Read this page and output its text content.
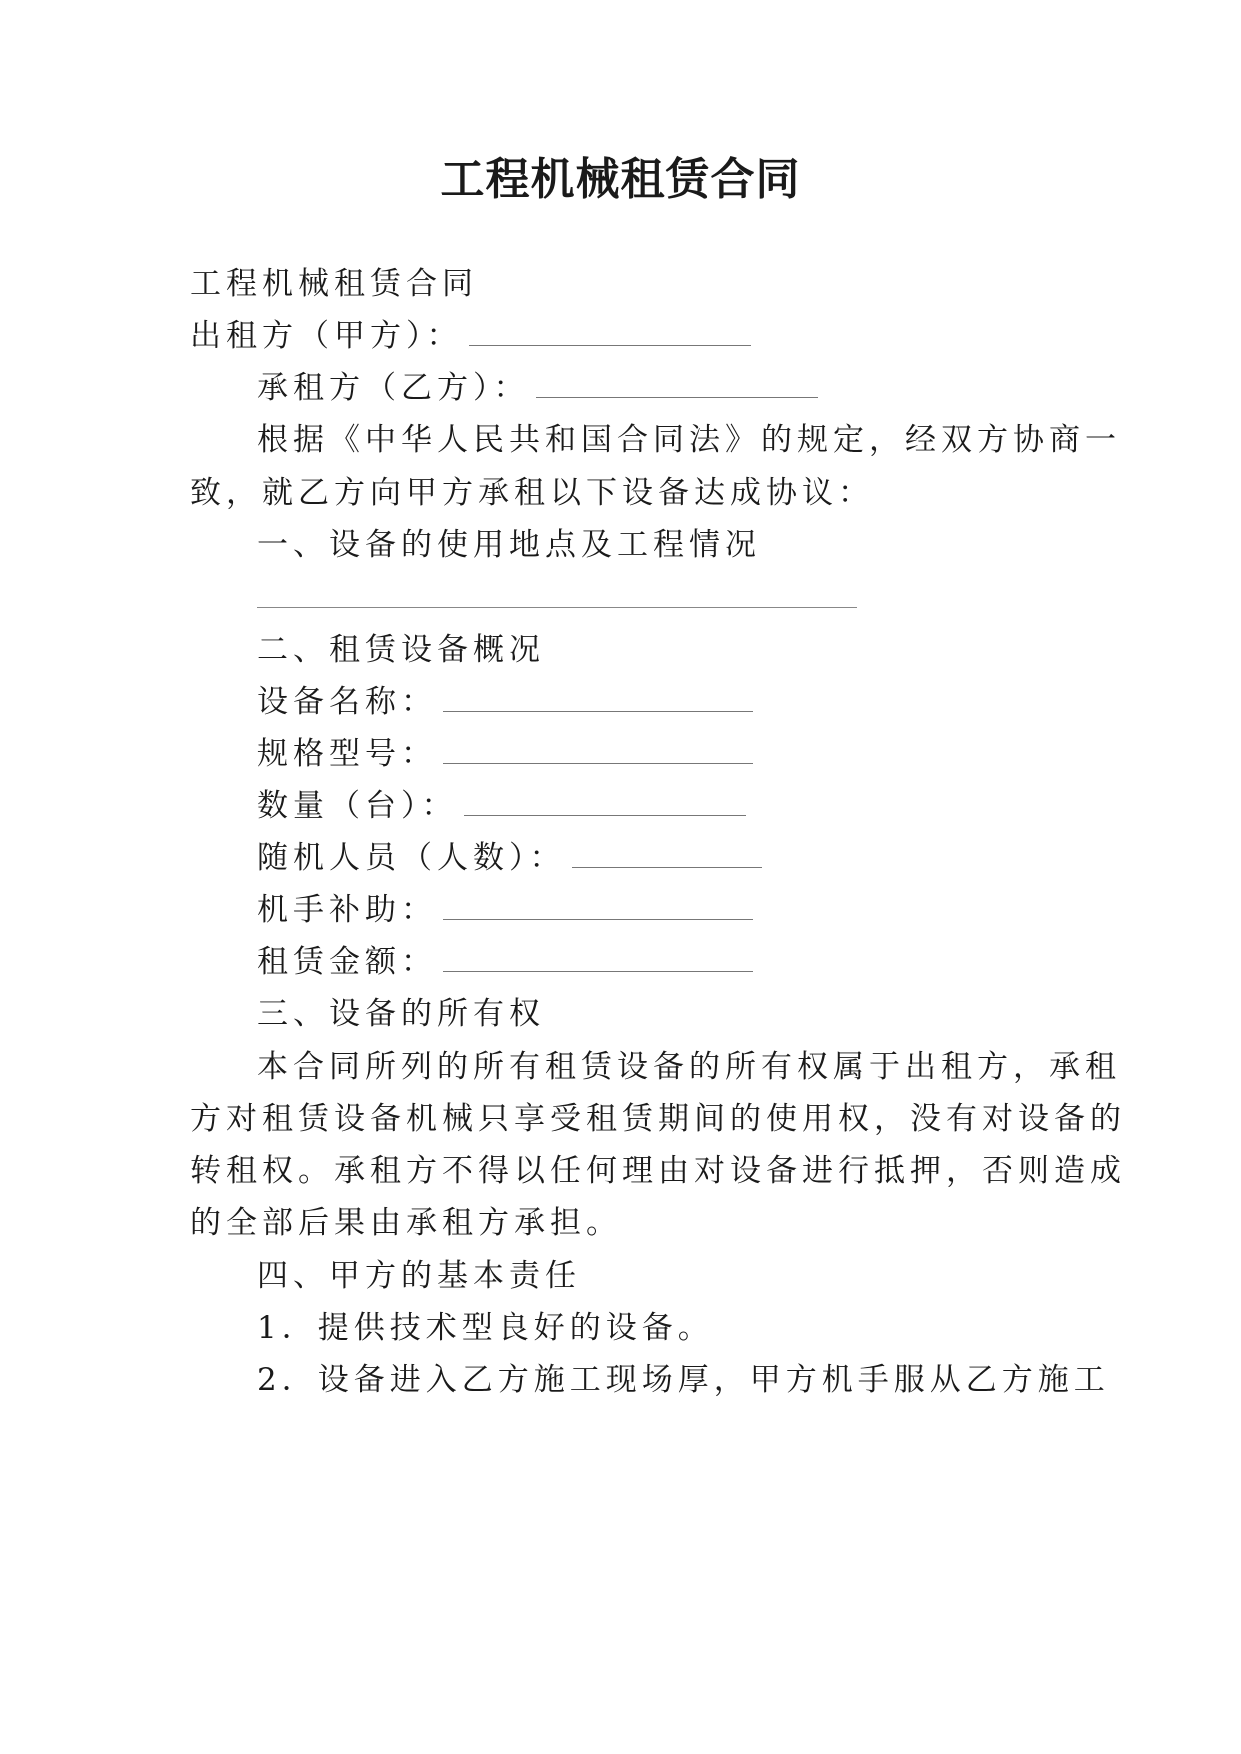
工程机械租赁合同
工程机械租赁合同
出租方（甲方）：
承租方（乙方）：
根据《中华人民共和国合同法》的规定，经双方协商一
致，就乙方向甲方承租以下设备达成协议：
一、设备的使用地点及工程情况
二、租赁设备概况
设备名称：
规格型号：
数量（台）：
随机人员（人数）：
机手补助：
租赁金额：
三、设备的所有权
本合同所列的所有租赁设备的所有权属于出租方，承租
方对租赁设备机械只享受租赁期间的使用权，没有对设备的
转租权。承租方不得以任何理由对设备进行抵押，否则造成
的全部后果由承租方承担。
四、甲方的基本责任
1．提供技术型良好的设备。
2．设备进入乙方施工现场厚，甲方机手服从乙方施工
